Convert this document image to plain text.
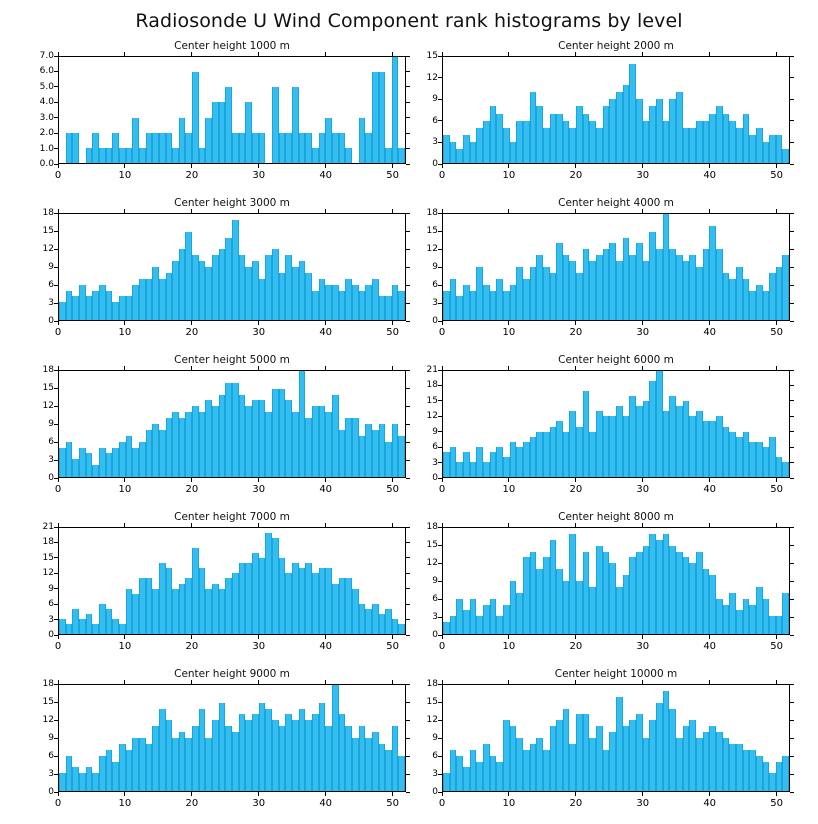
Radiosonde U Wind Component rank histograms by level
Center height 1000 m
0.0
1.0
2.0
3.0
4.0
5.0
6.0
7.0
0	10	20	30	40	50
Center height 2000 m
0
3
6
9
12
15
0	10	20	30	40	50
Center height 3000 m
0
3
6
9
12
15
18
0	10	20	30	40	50
Center height 4000 m
0
3
6
9
12
15
18
0	10	20	30	40	50
Center height 5000 m
0
3
6
9
12
15
18
0	10	20	30	40	50
Center height 6000 m
0
3
6
9
12
15
18
21
0	10	20	30	40	50
Center height 7000 m
0
3
6
9
12
15
18
21
0	10	20	30	40	50
Center height 8000 m
0
3
6
9
12
15
18
0	10	20	30	40	50
Center height 9000 m
0
3
6
9
12
15
18
0	10	20	30	40	50
Center height 10000 m
0
3
6
9
12
15
18
0	10	20	30	40	50
